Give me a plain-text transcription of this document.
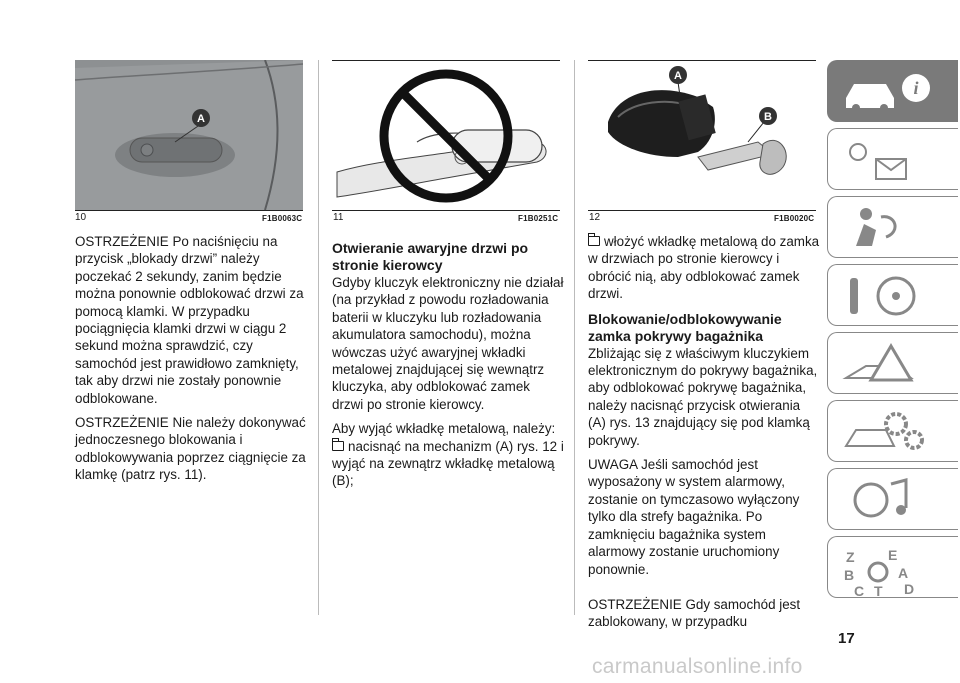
A
10	F1B0063C	11	F1B0251C
A
B
12	F1B0020C

OSTRZEŻENIE Po naciśnięciu na przycisk „blokady drzwi” należy poczekać 2 sekundy, zanim będzie można ponownie odblokować drzwi za pomocą klamki. W przypadku pociągnięcia klamki drzwi w ciągu 2 sekund można sprawdzić, czy samochód jest prawidłowo zamknięty, tak aby drzwi nie zostały ponownie odblokowane.

OSTRZEŻENIE Nie należy dokonywać jednoczesnego blokowania i odblokowywania poprzez ciągnięcie za klamkę (patrz rys. 11).

Otwieranie awaryjne drzwi po stronie kierowcy

Gdyby kluczyk elektroniczny nie działał (na przykład z powodu rozładowania baterii w kluczyku lub rozładowania akumulatora samochodu), można wówczas użyć awaryjnej wkładki metalowej znajdującej się wewnątrz kluczyka, aby odblokować zamek drzwi po stronie kierowcy.

Aby wyjąć wkładkę metalową, należy:

nacisnąć na mechanizm (A) rys. 12 i wyjąć na zewnątrz wkładkę metalową (B);

włożyć wkładkę metalową do zamka w drzwiach po stronie kierowcy i obrócić nią, aby odblokować zamek drzwi.

Blokowanie/odblokowywanie zamka pokrywy bagażnika

Zbliżając się z właściwym kluczykiem elektronicznym do pokrywy bagażnika, aby odblokować pokrywę bagażnika, należy nacisnąć przycisk otwierania (A) rys. 13 znajdujący się pod klamką pokrywy.

UWAGA Jeśli samochód jest wyposażony w system alarmowy, zostanie on tymczasowo wyłączony tylko dla strefy bagażnika. Po zamknięciu bagażnika system alarmowy zostanie uruchomiony ponownie.

OSTRZEŻENIE Gdy samochód jest zablokowany, w przypadku

i
Z E
B	A
C T D
17
carmanualsonline.info
